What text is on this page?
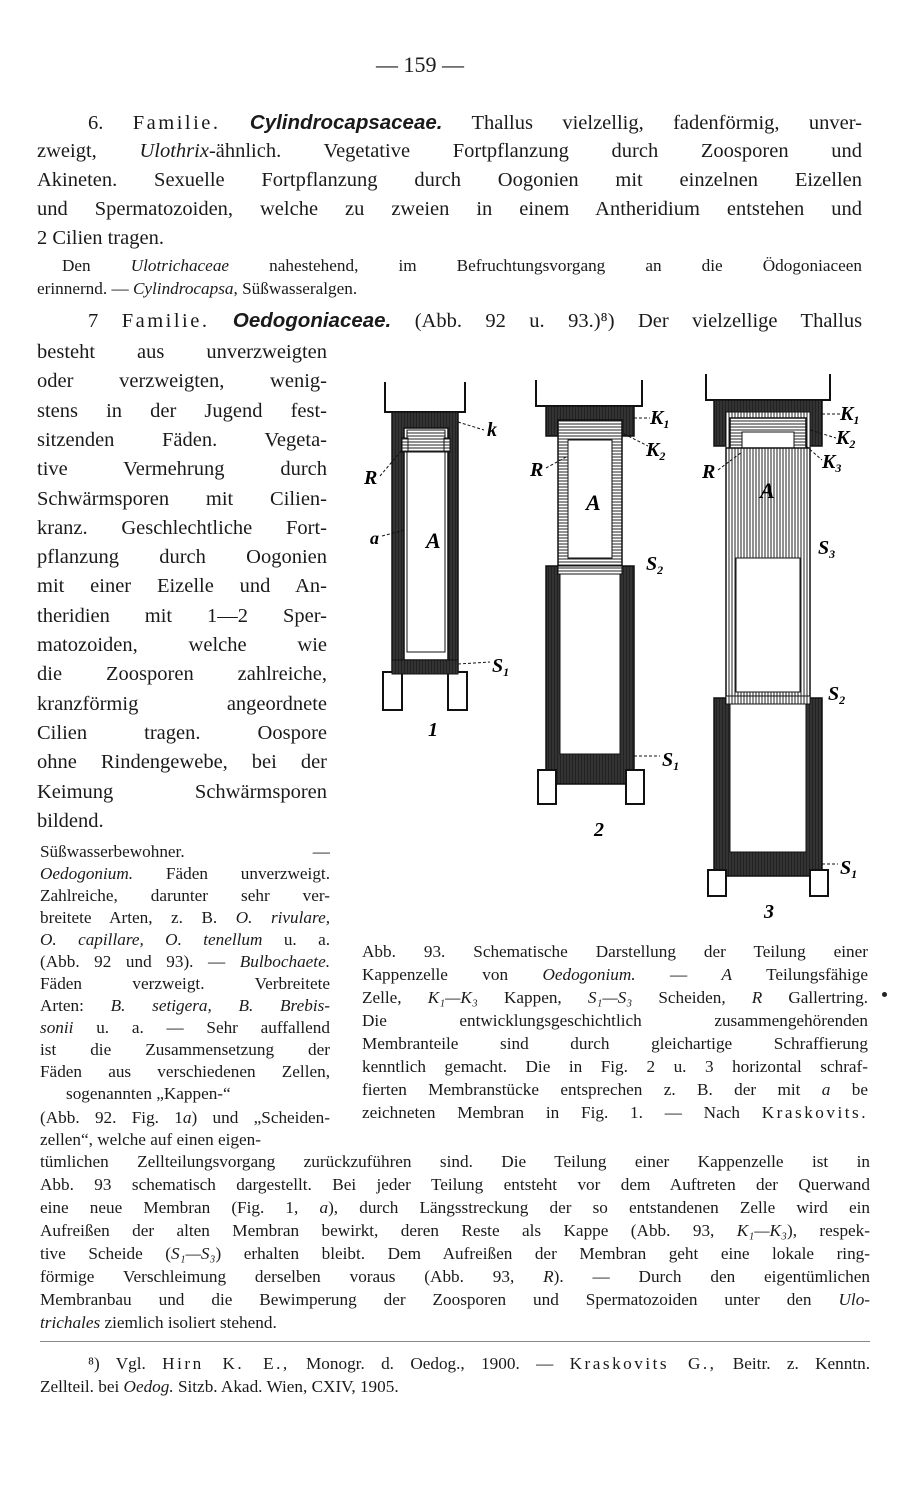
— 159 —
6. Familie. Cylindrocapsaceae. Thallus vielzellig, fadenförmig, unver-
zweigt, Ulothrix-ähnlich. Vegetative Fortpflanzung durch Zoosporen und
Akineten. Sexuelle Fortpflanzung durch Oogonien mit einzelnen Eizellen
und Spermatozoiden, welche zu zweien in einem Antheridium entstehen und
2 Cilien tragen.
Den Ulotrichaceae nahestehend, im Befruchtungsvorgang an die Ödogoniaceen
erinnernd. — Cylindrocapsa, Süßwasseralgen.
7 Familie. Oedogoniaceae. (Abb. 92 u. 93.)⁸) Der vielzellige Thallus
besteht aus unverzweigten
oder verzweigten, wenig-
stens in der Jugend fest-
sitzenden Fäden. Vegeta-
tive Vermehrung durch
Schwärmsporen mit Cilien-
kranz. Geschlechtliche Fort-
pflanzung durch Oogonien
mit einer Eizelle und An-
theridien mit 1—2 Sper-
matozoiden, welche wie
die Zoosporen zahlreiche,
kranzförmig angeordnete
Cilien tragen. Oospore
ohne Rindengewebe, bei der
Keimung Schwärmsporen
bildend.
Süßwasserbewohner. —
Oedogonium. Fäden unverzweigt.
Zahlreiche, darunter sehr ver-
breitete Arten, z. B. O. rivulare,
O. capillare, O. tenellum u. a.
(Abb. 92 und 93). — Bulbochaete.
Fäden verzweigt. Verbreitete
Arten: B. setigera, B. Brebis-
sonii u. a. — Sehr auffallend
ist die Zusammensetzung der
Fäden aus verschiedenen Zellen,
sogenannten „Kappen-“
(Abb. 92. Fig. 1a) und „Scheiden-
zellen“, welche auf einen eigen-
k
R
a A
$S_1$
1
$K_1$
$K_2$
R
A
$S_2$
$S_1$
2
$K_1$
$K_2$
$K_3$
R
A
$S_3$
$S_2$
$S_1$
3
Abb. 93. Schematische Darstellung der Teilung einer
Kappenzelle von Oedogonium. — A Teilungsfähige
Zelle, K₁—K₃ Kappen, S₁—S₃ Scheiden, R Gallertring.
Die entwicklungsgeschichtlich zusammengehörenden
Membranteile sind durch gleichartige Schraffierung
kenntlich gemacht. Die in Fig. 2 u. 3 horizontal schraf-
fierten Membranstücke entsprechen z. B. der mit a be
zeichneten Membran in Fig. 1. — Nach Kraskovits.
tümlichen Zellteilungsvorgang zurückzuführen sind. Die Teilung einer Kappenzelle ist in
Abb. 93 schematisch dargestellt. Bei jeder Teilung entsteht vor dem Auftreten der Querwand
eine neue Membran (Fig. 1, a), durch Längsstreckung der so entstandenen Zelle wird ein
Aufreißen der alten Membran bewirkt, deren Reste als Kappe (Abb. 93, K₁—K₃), respek-
tive Scheide (S₁—S₃) erhalten bleibt. Dem Aufreißen der Membran geht eine lokale ring-
förmige Verschleimung derselben voraus (Abb. 93, R). — Durch den eigentümlichen
Membranbau und die Bewimperung der Zoosporen und Spermatozoiden unter den Ulo-
trichales ziemlich isoliert stehend.
⁸) Vgl. Hirn K. E., Monogr. d. Oedog., 1900. — Kraskovits G., Beitr. z. Kenntn.
Zellteil. bei Oedog. Sitzb. Akad. Wien, CXIV, 1905.
